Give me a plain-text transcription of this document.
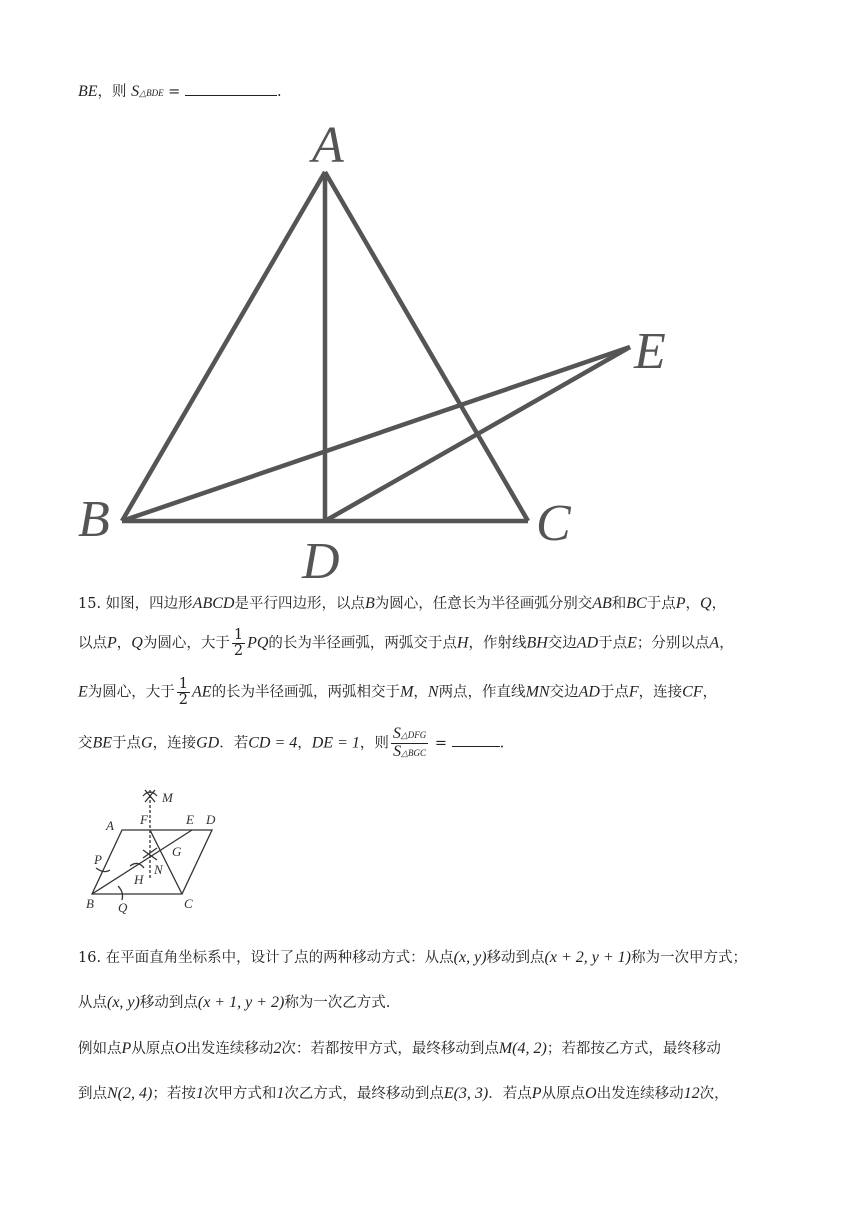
BE，则 S△BDE =	.
A
B	C
D
E
15. 如图，四边形ABCD是平行四边形，以点B为圆心，任意长为半径画弧分别交AB和BC于点P，Q，
以点P，Q为圆心，大于 $\frac{1}{2}$ PQ的长为半径画弧，两弧交于点H，作射线BH交边AD于点E；分别以点A，
E为圆心，大于 $\frac{1}{2}$ AE的长为半径画弧，两弧相交于M，N两点，作直线MN交边AD于点F，连接CF，
交BE于点G，连接GD．若CD = 4，DE = 1，则 $\frac{\text{S△DFG}}{\text{S△BGC}}$ =	.
A
B	C
D
E
F
G
H
M
N
P
Q
16. 在平面直角坐标系中，设计了点的两种移动方式：从点(x, y)移动到点(x + 2, y + 1)称为一次甲方式；
从点(x, y)移动到点(x + 1, y + 2)称为一次乙方式.
例如点P从原点O出发连续移动2次：若都按甲方式，最终移动到点M(4, 2)；若都按乙方式，最终移动
到点N(2, 4)；若按1次甲方式和1次乙方式，最终移动到点E(3, 3)．若点P从原点O出发连续移动12次，
